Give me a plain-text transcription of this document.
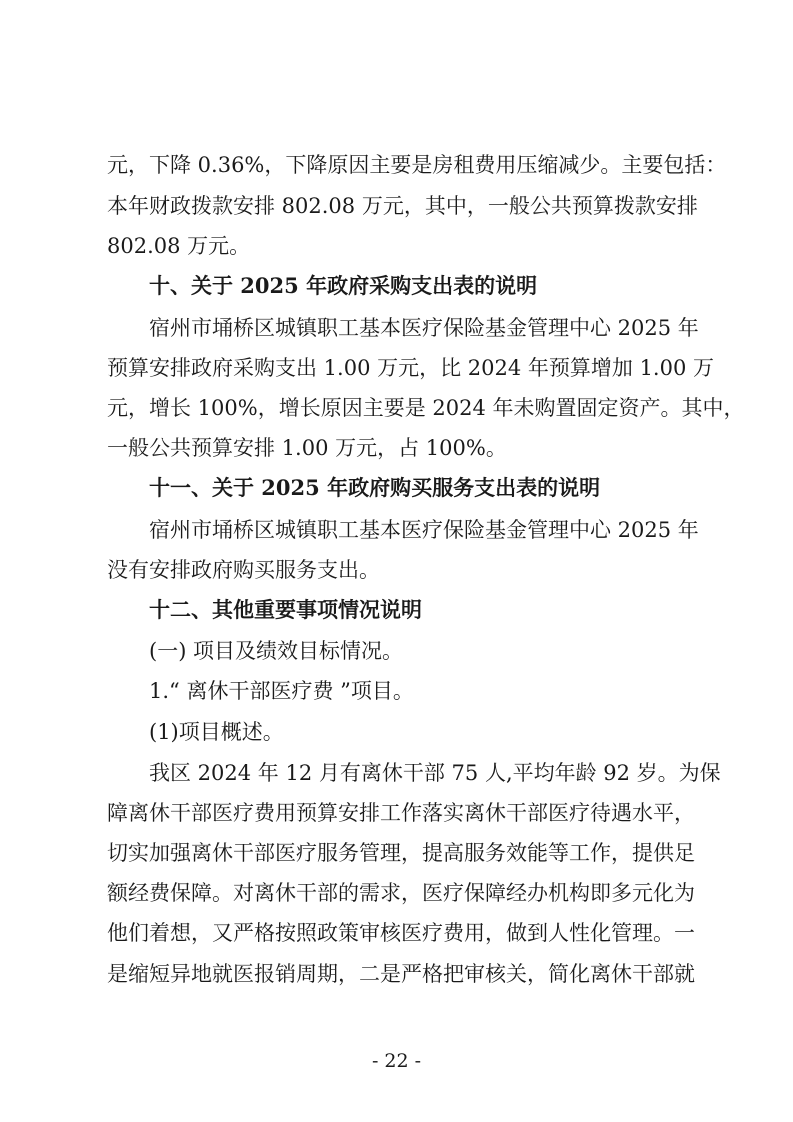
元，下降 0.36%，下降原因主要是房租费用压缩减少。主要包括：
本年财政拨款安排 802.08 万元，其中，一般公共预算拨款安排
802.08 万元。
十、关于 2025 年政府采购支出表的说明
宿州市埇桥区城镇职工基本医疗保险基金管理中心 2025 年
预算安排政府采购支出 1.00 万元，比 2024 年预算增加 1.00 万
元，增长 100%，增长原因主要是 2024 年未购置固定资产。其中，
一般公共预算安排 1.00 万元，占 100%。
十一、关于 2025 年政府购买服务支出表的说明
宿州市埇桥区城镇职工基本医疗保险基金管理中心 2025 年
没有安排政府购买服务支出。
十二、其他重要事项情况说明
(一) 项目及绩效目标情况。
1.“ 离休干部医疗费 ”项目。
(1)项目概述。
我区 2024 年 12 月有离休干部 75 人,平均年龄 92 岁。为保
障离休干部医疗费用预算安排工作落实离休干部医疗待遇水平，
切实加强离休干部医疗服务管理，提高服务效能等工作，提供足
额经费保障。对离休干部的需求，医疗保障经办机构即多元化为
他们着想，又严格按照政策审核医疗费用，做到人性化管理。一
是缩短异地就医报销周期，二是严格把审核关，简化离休干部就
- 22 -
